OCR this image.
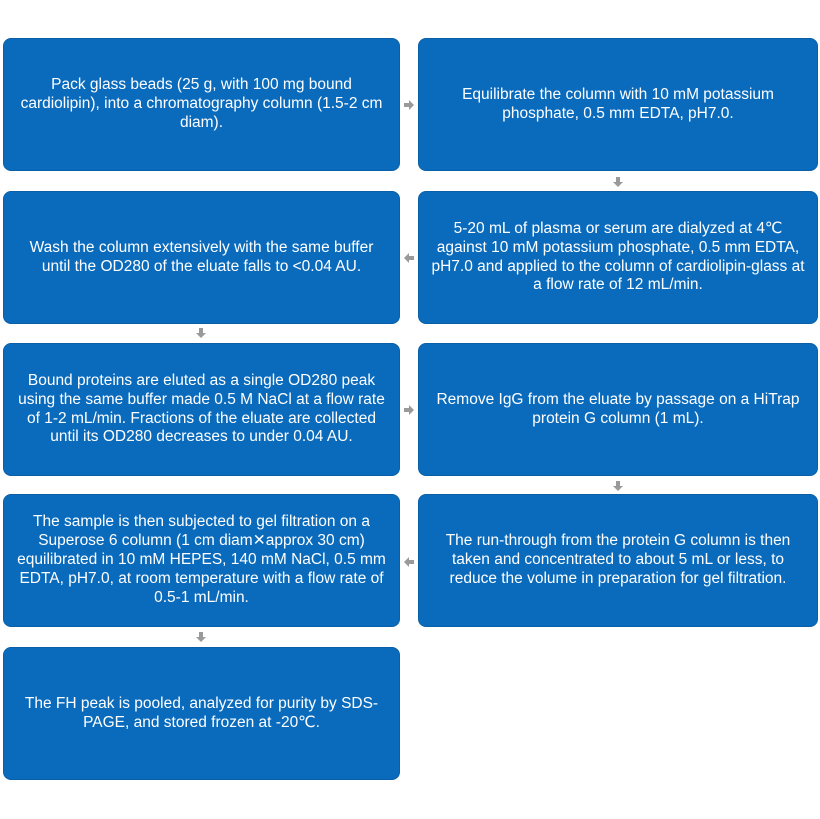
Pack glass beads (25 g, with 100 mg bound cardiolipin), into a chromatography column (1.5-2 cm diam).
Equilibrate the column with 10 mM potassium phosphate, 0.5 mm EDTA, pH7.0.
5-20 mL of plasma or serum are dialyzed at 4℃ against 10 mM potassium phosphate, 0.5 mm EDTA, pH7.0 and applied to the column of cardiolipin-glass at a flow rate of 12 mL/min.
Wash the column extensively with the same buffer until the OD280 of the eluate falls to <0.04 AU.
Bound proteins are eluted as a single OD280 peak using the same buffer made 0.5 M NaCl at a flow rate of 1-2 mL/min. Fractions of the eluate are collected until its OD280 decreases to under 0.04 AU.
Remove IgG from the eluate by passage on a HiTrap protein G column (1 mL).
The run-through from the protein G column is then taken and concentrated to about 5 mL or less, to reduce the volume in preparation for gel filtration.
The sample is then subjected to gel filtration on a Superose 6 column (1 cm diam✕approx 30 cm) equilibrated in 10 mM HEPES, 140 mM NaCl, 0.5 mm EDTA, pH7.0, at room temperature with a flow rate of 0.5-1 mL/min.
The FH peak is pooled, analyzed for purity by SDS-PAGE, and stored frozen at -20℃.
